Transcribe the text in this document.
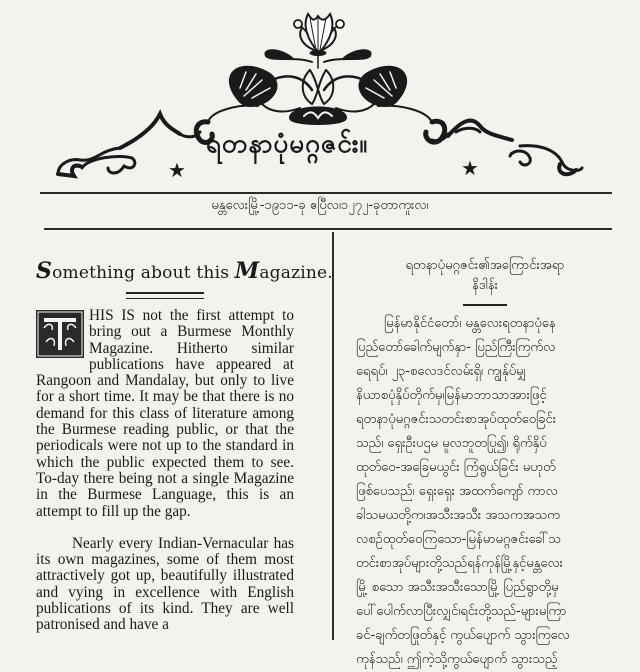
★	★
ရတနာပုံမဂ္ဂဇင်း။
မန္တလေးမြို့-၁၉၁၁-ခု ဧပြီလ၊၁၂၇၂-ခုတာကူးလ၊
Something about this Magazine.

HIS IS not the first attempt to bring out a Burmese Monthly Magazine. Hitherto similar publications have appeared at Rangoon and Mandalay, but only to live for a short time. It may be that there is no demand for this class of literature among the Burmese reading public, or that the periodicals were not up to the standard in which the public expected them to see. To-day there being not a single Magazine in the Burmese Language, this is an attempt to fill up the gap.

Nearly every Indian-Vernacular has its own magazines, some of them most attractively got up, beautifully illustrated and vying in excellence with English publications of its kind. They are well patronised and have a

ရတနာပုံမဂ္ဂဇင်း၏အကြောင်းအရာ
နိဒါန်း

မြန်မာနိုင်ငံတော်၊ မန္တလေးရတနာပုံနေ

ပြည်တော်ခေါက်မျက်နှာ- ပြည်ကြီးကြက်လ

ရေရပ်၊ ၂၃-စလေဒင်လမ်းရှိ၊ ကျွန်ုပ်မျှ

နိယာစပုံနှိပ်တိုက်မှ၊မြန်မာဘာသာအားဖြင့်

ရတနာပုံမဂ္ဂဇင်းသတင်းစာအုပ်ထုတ်ဝေခြင်း

သည်၊ ရှေးဦးပဌမ မူလဘူတပြု၍၊ ရိုက်နှိပ်

ထုတ်ဝေ-အခြေမယွင်း ကြံရွယ်ခြင်း မဟုတ်

ဖြစ်ပေသည်၊ ရှေးရှေး အထက်ကျော် ကာလ

ခါသမယတို့က၊အသီးအသီး အသကအသက

လစဉ်ထုတ်ဝေကြသော-မြန်မာမဂ္ဂဇင်းခေါ်သ

တင်းစာအုပ်များတို့သည်ရန်ကုန်မြို့နှင့်မန္တလေး

မြို့ စသော အသီးအသီးသောမြို့ ပြည်ရွာတို့မှ

ပေါ်ပေါက်လာပြီးလျှင်၊ရင်းတို့သည်-များမကြာ

ခင်-ချက်တဖြုတ်နှင့် ကွယ်ပျောက် သွားကြလေ

ကုန်သည်၊ ဤကဲ့သို့ကွယ်ပျောက် သွားသည့်
